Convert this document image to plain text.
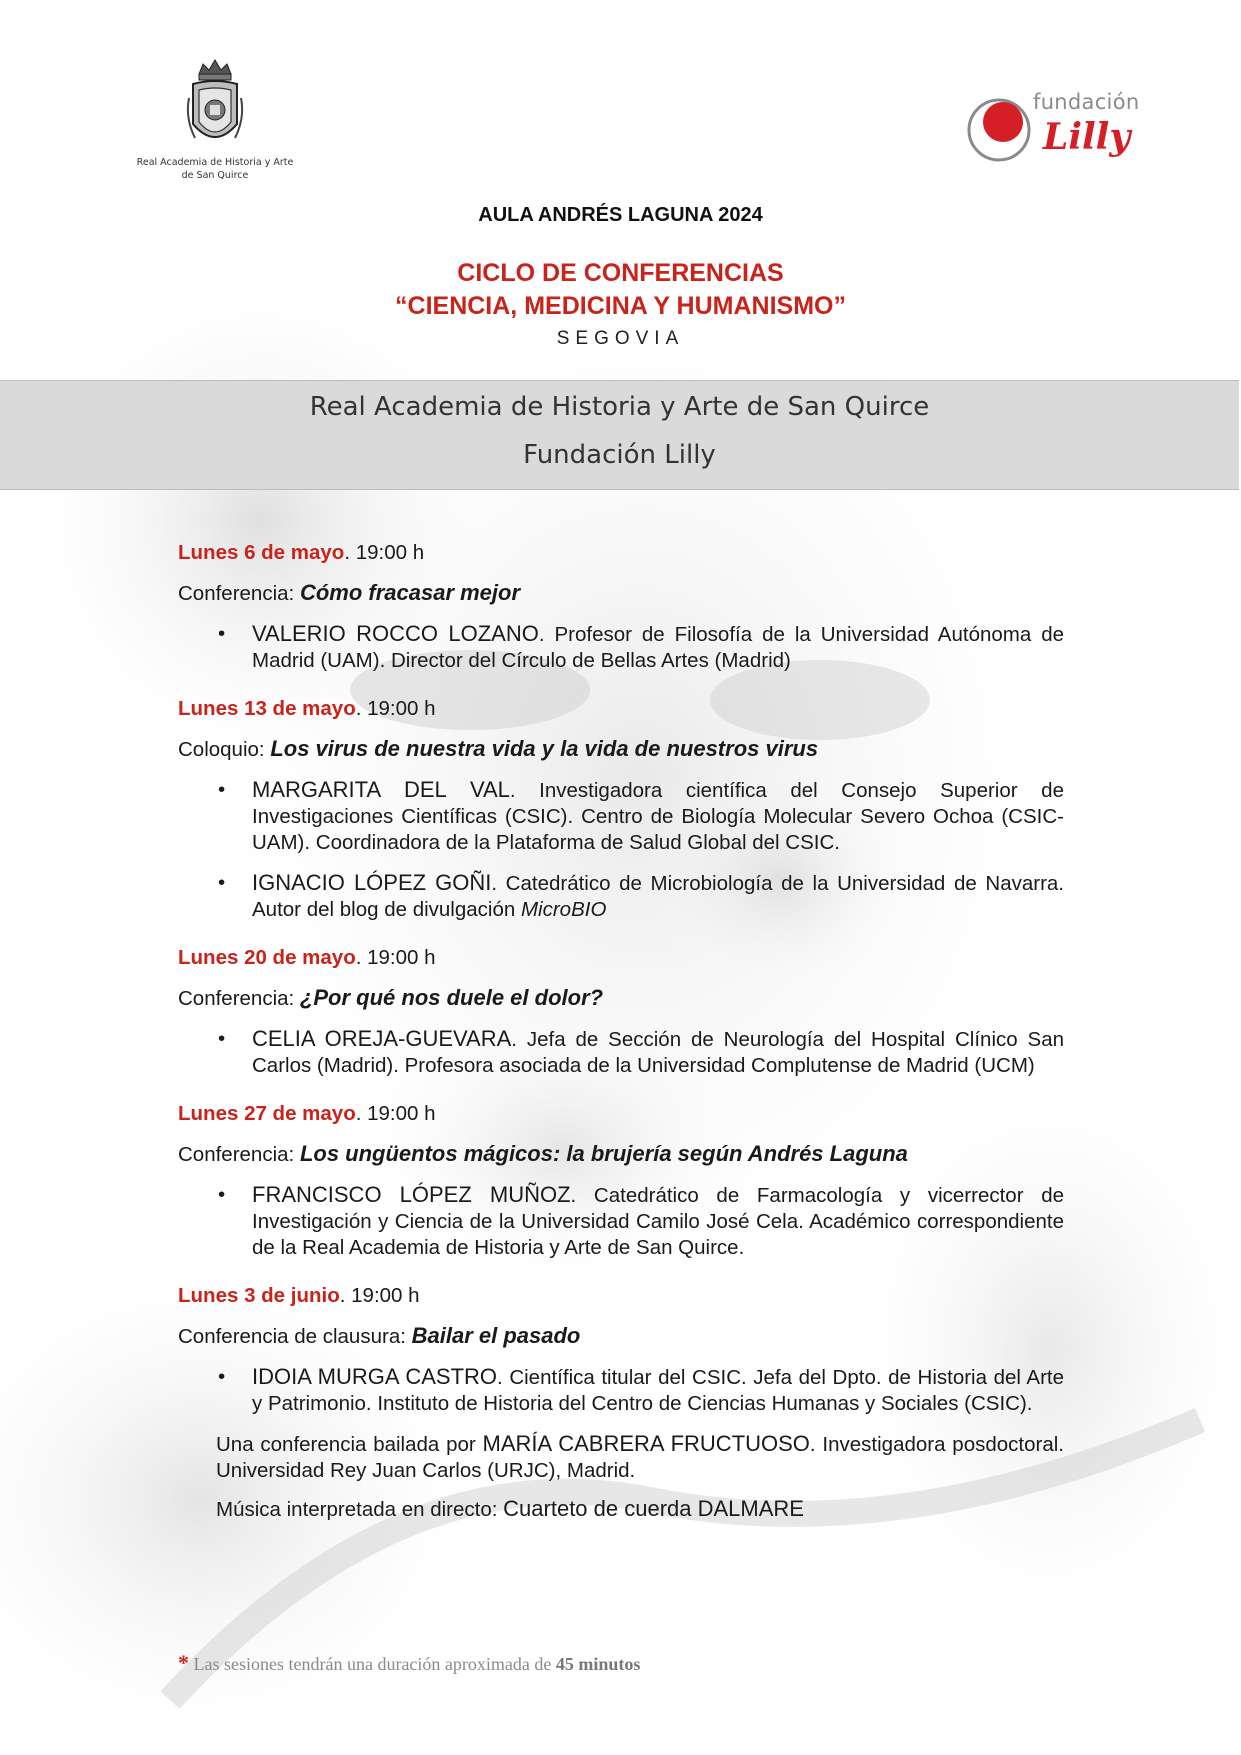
Real Academia de Historia y Arte
de San Quirce
fundación
Lilly
AULA ANDRÉS LAGUNA 2024
CICLO DE CONFERENCIAS
“CIENCIA, MEDICINA Y HUMANISMO”
SEGOVIA
Real Academia de Historia y Arte de San Quirce
Fundación Lilly

Lunes 6 de mayo. 19:00 h

Conferencia: Cómo fracasar mejor

• VALERIO ROCCO LOZANO. Profesor de Filosofía de la Universidad Autónoma de Madrid (UAM). Director del Círculo de Bellas Artes (Madrid)

Lunes 13 de mayo. 19:00 h

Coloquio: Los virus de nuestra vida y la vida de nuestros virus

• MARGARITA DEL VAL. Investigadora científica del Consejo Superior de Investigaciones Científicas (CSIC). Centro de Biología Molecular Severo Ochoa (CSIC-UAM). Coordinadora de la Plataforma de Salud Global del CSIC.

• IGNACIO LÓPEZ GOÑI. Catedrático de Microbiología de la Universidad de Navarra. Autor del blog de divulgación MicroBIO

Lunes 20 de mayo. 19:00 h

Conferencia: ¿Por qué nos duele el dolor?

• CELIA OREJA-GUEVARA. Jefa de Sección de Neurología del Hospital Clínico San Carlos (Madrid). Profesora asociada de la Universidad Complutense de Madrid (UCM)

Lunes 27 de mayo. 19:00 h

Conferencia: Los ungüentos mágicos: la brujería según Andrés Laguna

• FRANCISCO LÓPEZ MUÑOZ. Catedrático de Farmacología y vicerrector de Investigación y Ciencia de la Universidad Camilo José Cela. Académico correspondiente de la Real Academia de Historia y Arte de San Quirce.

Lunes 3 de junio. 19:00 h

Conferencia de clausura: Bailar el pasado

• IDOIA MURGA CASTRO. Científica titular del CSIC. Jefa del Dpto. de Historia del Arte y Patrimonio. Instituto de Historia del Centro de Ciencias Humanas y Sociales (CSIC).

Una conferencia bailada por MARÍA CABRERA FRUCTUOSO. Investigadora posdoctoral. Universidad Rey Juan Carlos (URJC), Madrid.

Música interpretada en directo: Cuarteto de cuerda DALMARE

* Las sesiones tendrán una duración aproximada de 45 minutos
